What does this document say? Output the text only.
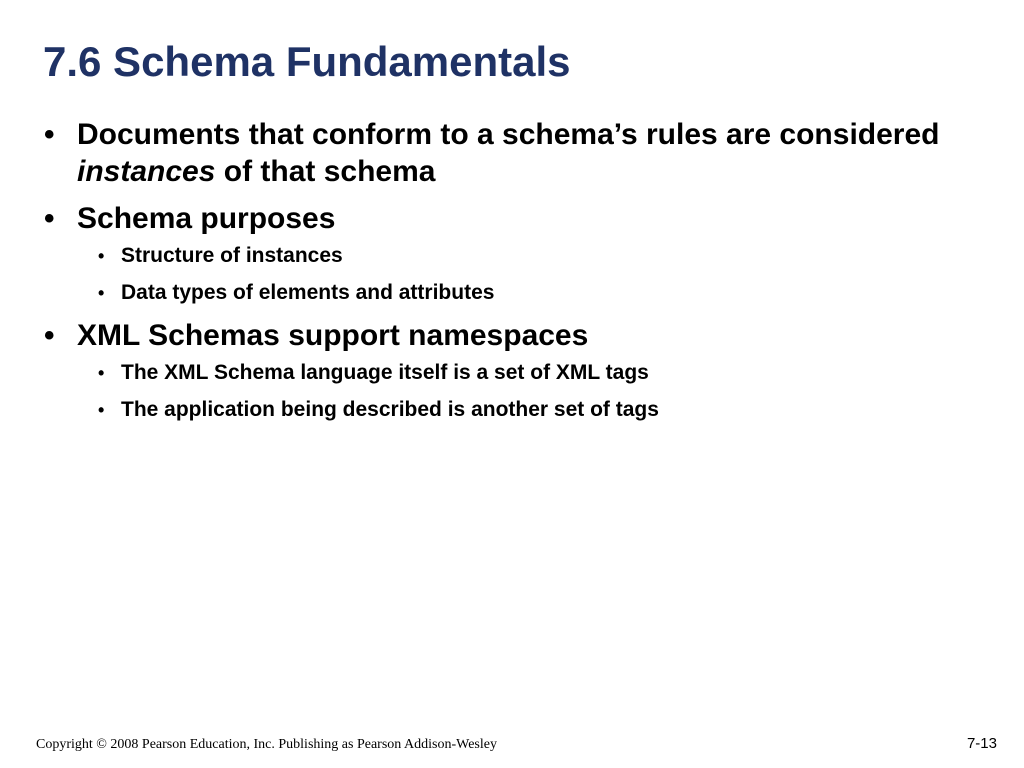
7.6 Schema Fundamentals
• Documents that conform to a schema’s rules are considered instances of that schema
• Schema purposes
• Structure of instances
• Data types of elements and attributes
• XML Schemas support namespaces
• The XML Schema language itself is a set of XML tags
• The application being described is another set of tags
Copyright © 2008 Pearson Education, Inc. Publishing as Pearson Addison-Wesley	7-13
